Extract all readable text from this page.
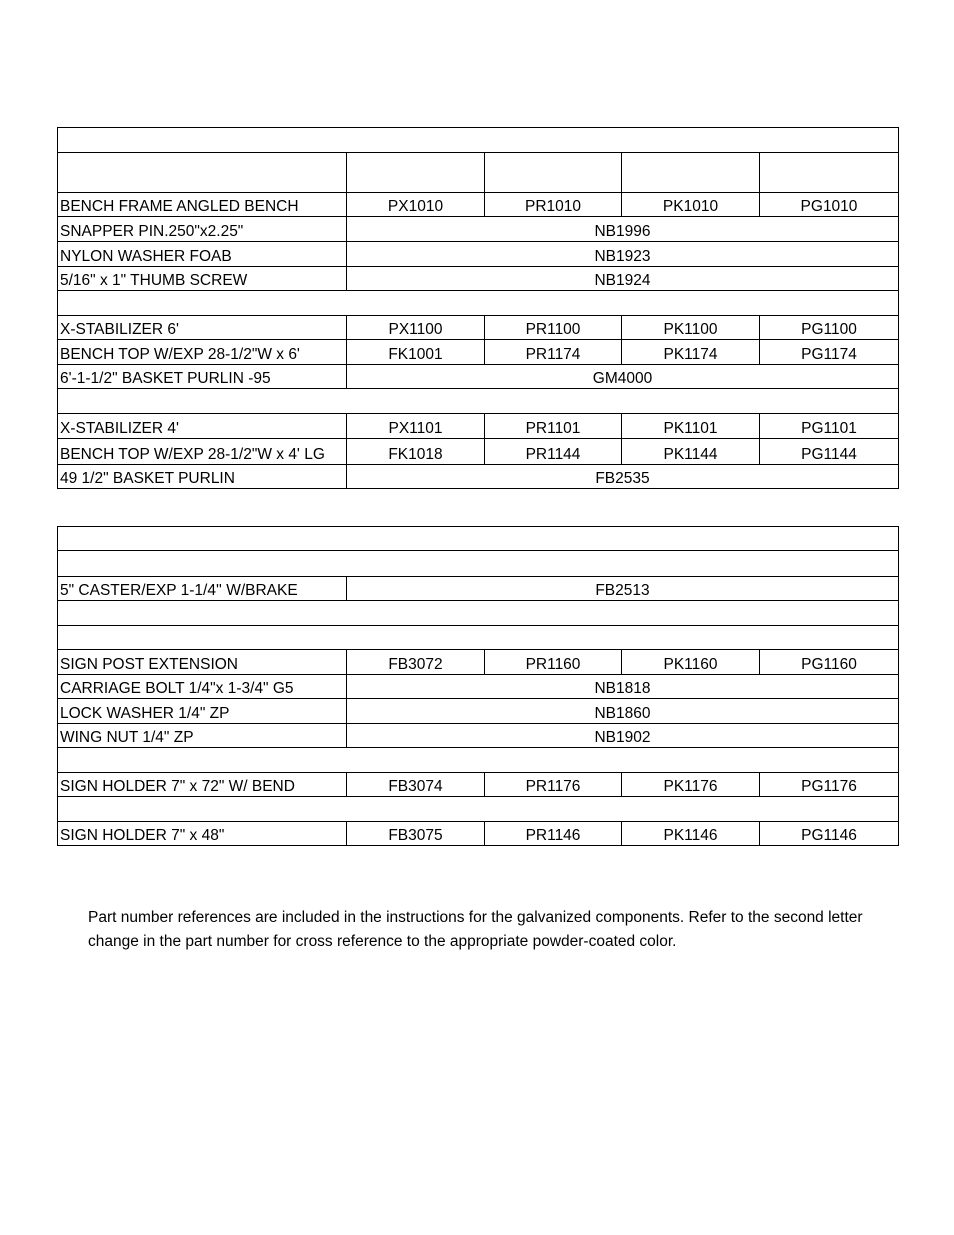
BENCH FRAME ANGLED BENCH	PX1010	PR1010	PK1010	PG1010
SNAPPER PIN.250"x2.25"	NB1996			
NYLON WASHER FOAB	NB1923			
5/16" x 1" THUMB SCREW	NB1924			

X-STABILIZER 6'	PX1100	PR1100	PK1100	PG1100
BENCH TOP W/EXP 28-1/2"W x 6'	FK1001	PR1174	PK1174	PG1174
6'-1-1/2" BASKET PURLIN -95	GM4000			

X-STABILIZER 4'	PX1101	PR1101	PK1101	PG1101
BENCH TOP W/EXP 28-1/2"W x 4' LG	FK1018	PR1144	PK1144	PG1144
49 1/2" BASKET PURLIN	FB2535			

5" CASTER/EXP 1-1/4'' W/BRAKE	FB2513			

SIGN POST EXTENSION	FB3072	PR1160	PK1160	PG1160
CARRIAGE BOLT 1/4"x 1-3/4" G5	NB1818			
LOCK WASHER 1/4" ZP	NB1860			
WING NUT 1/4" ZP	NB1902			

SIGN HOLDER 7" x 72" W/ BEND	FB3074	PR1176	PK1176	PG1176

SIGN HOLDER 7" x 48"	FB3075	PR1146	PK1146	PG1146
Part number references are included in the instructions for the galvanized components. Refer to the second letter change in the part number for cross reference to the appropriate powder-coated color.
